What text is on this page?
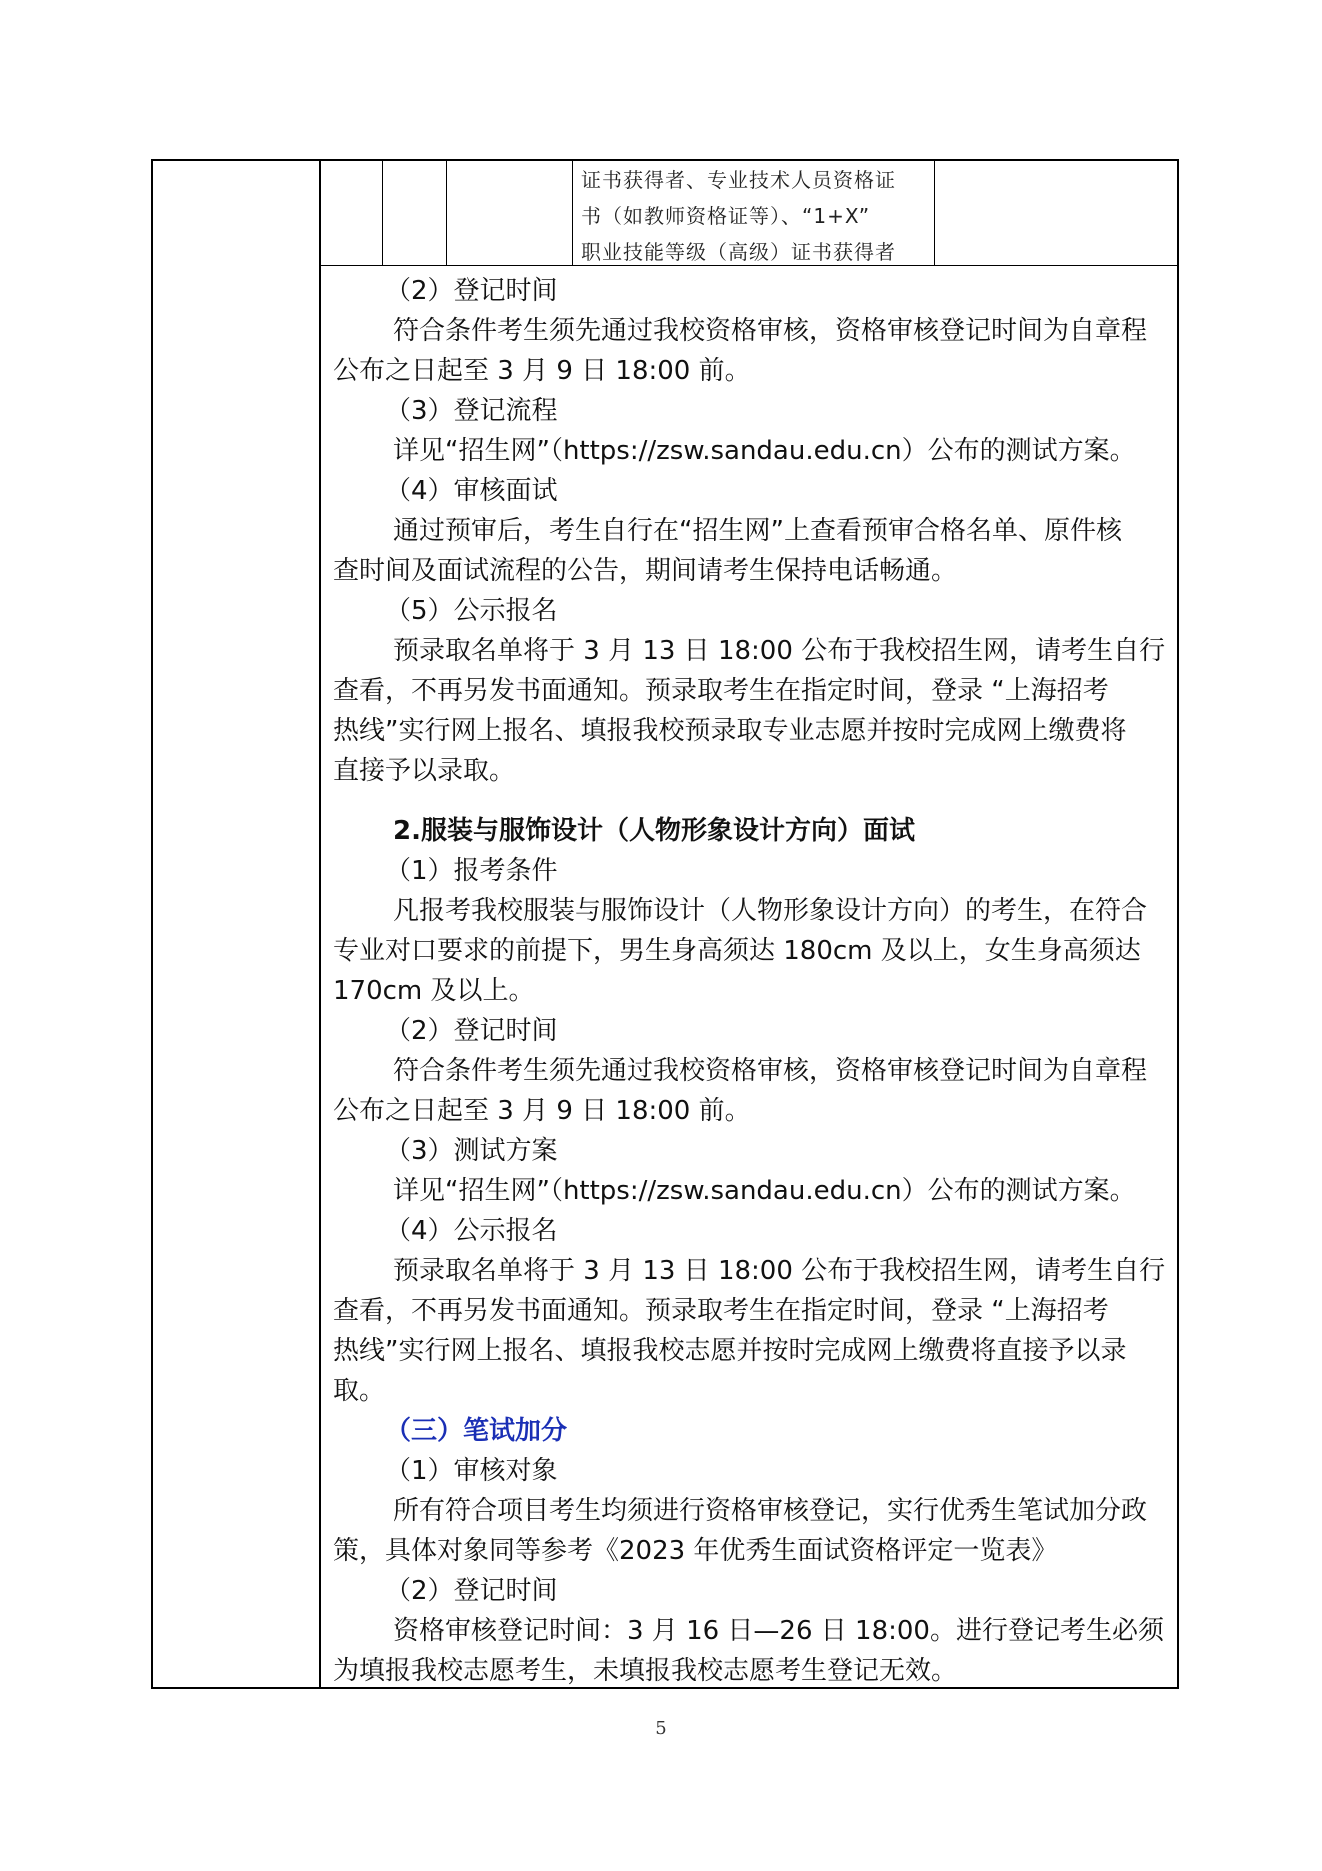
证书获得者、专业技术人员资格证
书（如教师资格证等）、“1+X”
职业技能等级（高级）证书获得者
（2）登记时间
符合条件考生须先通过我校资格审核，资格审核登记时间为自章程
公布之日起至 3 月 9 日 18:00 前。
（3）登记流程
详见“招生网”（https://zsw.sandau.edu.cn）公布的测试方案。
（4）审核面试
通过预审后，考生自行在“招生网”上查看预审合格名单、原件核
查时间及面试流程的公告，期间请考生保持电话畅通。
（5）公示报名
预录取名单将于 3 月 13 日 18:00 公布于我校招生网，请考生自行
查看，不再另发书面通知。预录取考生在指定时间，登录 “上海招考
热线”实行网上报名、填报我校预录取专业志愿并按时完成网上缴费将
直接予以录取。
2.服装与服饰设计（人物形象设计方向）面试
（1）报考条件
凡报考我校服装与服饰设计（人物形象设计方向）的考生，在符合
专业对口要求的前提下，男生身高须达 180cm 及以上，女生身高须达
170cm 及以上。
（2）登记时间
符合条件考生须先通过我校资格审核，资格审核登记时间为自章程
公布之日起至 3 月 9 日 18:00 前。
（3）测试方案
详见“招生网”（https://zsw.sandau.edu.cn）公布的测试方案。
（4）公示报名
预录取名单将于 3 月 13 日 18:00 公布于我校招生网，请考生自行
查看，不再另发书面通知。预录取考生在指定时间，登录 “上海招考
热线”实行网上报名、填报我校志愿并按时完成网上缴费将直接予以录
取。
（三）笔试加分
（1）审核对象
所有符合项目考生均须进行资格审核登记，实行优秀生笔试加分政
策，具体对象同等参考《2023 年优秀生面试资格评定一览表》
（2）登记时间
资格审核登记时间：3 月 16 日—26 日 18:00。进行登记考生必须
为填报我校志愿考生，未填报我校志愿考生登记无效。
5
